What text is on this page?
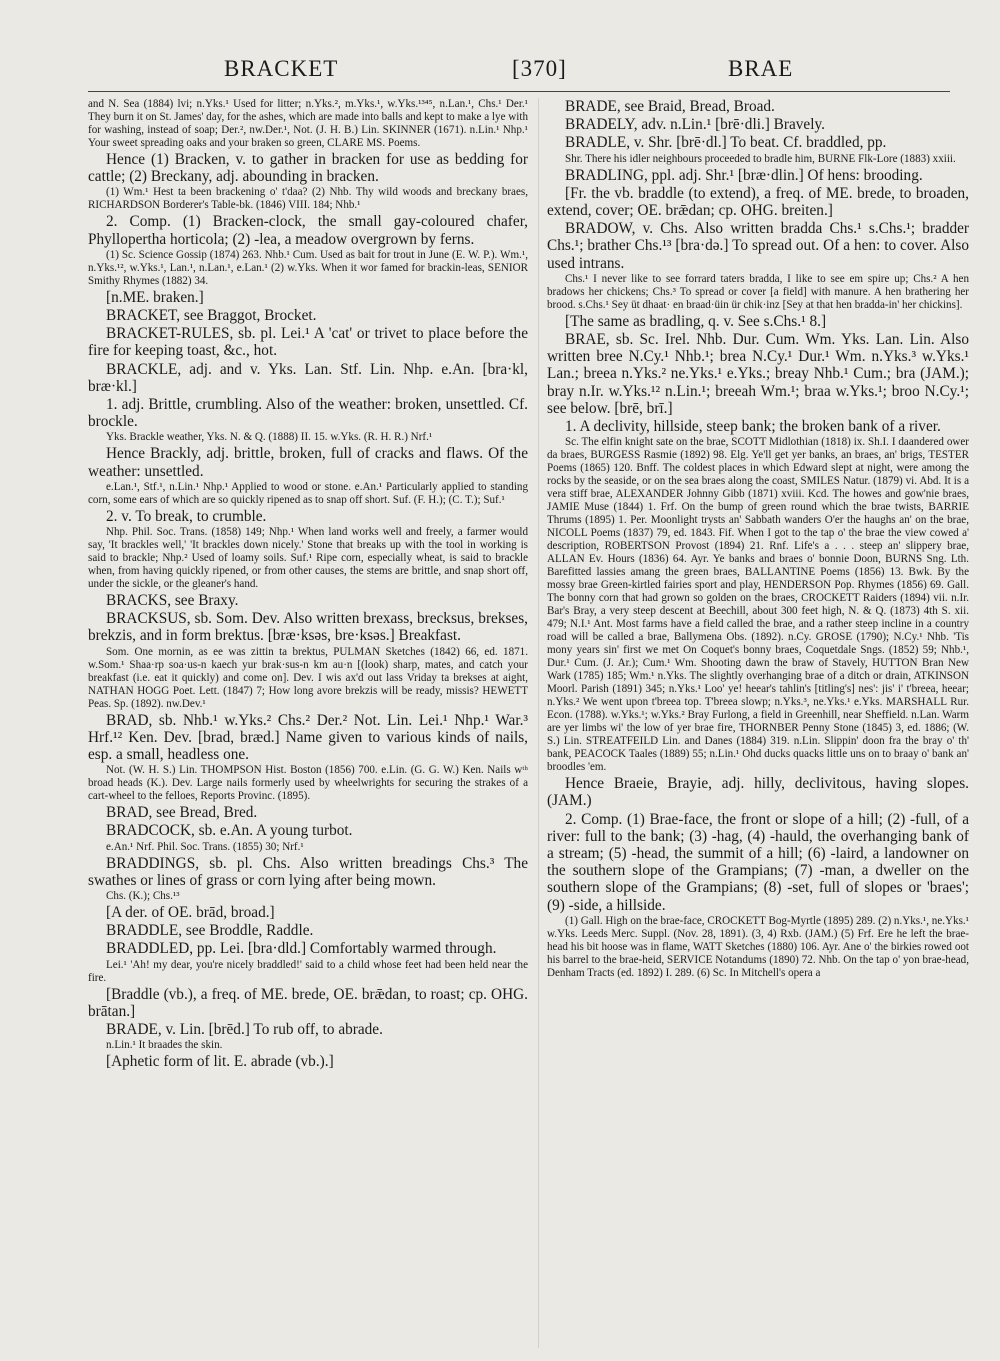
BRACKET	[370]	BRAE

and N. Sea (1884) lvi; n.Yks.¹ Used for litter; n.Yks.², m.Yks.¹, w.Yks.¹³⁴⁵, n.Lan.¹, Chs.¹ Der.¹ They burn it on St. James' day, for the ashes, which are made into balls and kept to make a lye with for washing, instead of soap; Der.², nw.Der.¹, Not. (J. H. B.) Lin. SKINNER (1671). n.Lin.¹ Nhp.¹ Your sweet spreading oaks and your braken so green, CLARE MS. Poems.

Hence (1) Bracken, v. to gather in bracken for use as bedding for cattle; (2) Breckany, adj. abounding in bracken.

(1) Wm.¹ Hest ta been brackening o' t'daa? (2) Nhb. Thy wild woods and breckany braes, RICHARDSON Borderer's Table-bk. (1846) VIII. 184; Nhb.¹

2. Comp. (1) Bracken-clock, the small gay-coloured chafer, Phyllopertha horticola; (2) -lea, a meadow overgrown by ferns.

(1) Sc. Science Gossip (1874) 263. Nhb.¹ Cum. Used as bait for trout in June (E. W. P.). Wm.¹, n.Yks.¹², w.Yks.¹, Lan.¹, n.Lan.¹, e.Lan.¹ (2) w.Yks. When it wor famed for brackin-leas, SENIOR Smithy Rhymes (1882) 34.

[n.ME. braken.]

BRACKET, see Braggot, Brocket.

BRACKET-RULES, sb. pl. Lei.¹ A 'cat' or trivet to place before the fire for keeping toast, &c., hot.

BRACKLE, adj. and v. Yks. Lan. Stf. Lin. Nhp. e.An. [bra·kl, bræ·kl.]

1. adj. Brittle, crumbling. Also of the weather: broken, unsettled. Cf. brockle.

Yks. Brackle weather, Yks. N. & Q. (1888) II. 15. w.Yks. (R. H. R.) Nrf.¹

Hence Brackly, adj. brittle, broken, full of cracks and flaws. Of the weather: unsettled.

e.Lan.¹, Stf.¹, n.Lin.¹ Nhp.¹ Applied to wood or stone. e.An.¹ Particularly applied to standing corn, some ears of which are so quickly ripened as to snap off short. Suf. (F. H.); (C. T.); Suf.¹

2. v. To break, to crumble.

Nhp. Phil. Soc. Trans. (1858) 149; Nhp.¹ When land works well and freely, a farmer would say, 'It brackles well,' 'It brackles down nicely.' Stone that breaks up with the tool in working is said to brackle; Nhp.² Used of loamy soils. Suf.¹ Ripe corn, especially wheat, is said to brackle when, from having quickly ripened, or from other causes, the stems are brittle, and snap short off, under the sickle, or the gleaner's hand.

BRACKS, see Braxy.

BRACKSUS, sb. Som. Dev. Also written brexass, brecksus, brekses, brekzis, and in form brektus. [bræ·ksəs, bre·ksəs.] Breakfast.

Som. One mornin, as ee was zittin ta brektus, PULMAN Sketches (1842) 66, ed. 1871. w.Som.¹ Shaa·rp soa·us-n kaech yur brak·sus-n km au·n [(look) sharp, mates, and catch your breakfast (i.e. eat it quickly) and come on]. Dev. I wis ax'd out lass Vriday ta brekses at aight, NATHAN HOGG Poet. Lett. (1847) 7; How long avore brekzis will be ready, missis? HEWETT Peas. Sp. (1892). nw.Dev.¹

BRAD, sb. Nhb.¹ w.Yks.² Chs.² Der.² Not. Lin. Lei.¹ Nhp.¹ War.³ Hrf.¹² Ken. Dev. [brad, bræd.] Name given to various kinds of nails, esp. a small, headless one.

Not. (W. H. S.) Lin. THOMPSON Hist. Boston (1856) 700. e.Lin. (G. G. W.) Ken. Nails wᵗʰ broad heads (K.). Dev. Large nails formerly used by wheelwrights for securing the strakes of a cart-wheel to the felloes, Reports Provinc. (1895).

BRAD, see Bread, Bred.

BRADCOCK, sb. e.An. A young turbot.

e.An.¹ Nrf. Phil. Soc. Trans. (1855) 30; Nrf.¹

BRADDINGS, sb. pl. Chs. Also written breadings Chs.³ The swathes or lines of grass or corn lying after being mown.

Chs. (K.); Chs.¹³

[A der. of OE. brād, broad.]

BRADDLE, see Broddle, Raddle.

BRADDLED, pp. Lei. [bra·dld.] Comfortably warmed through.

Lei.¹ 'Ah! my dear, you're nicely braddled!' said to a child whose feet had been held near the fire.

[Braddle (vb.), a freq. of ME. brede, OE. brǣdan, to roast; cp. OHG. brātan.]

BRADE, v. Lin. [brēd.] To rub off, to abrade.

n.Lin.¹ It braades the skin.

[Aphetic form of lit. E. abrade (vb.).]

BRADE, see Braid, Bread, Broad.

BRADELY, adv. n.Lin.¹ [brē·dli.] Bravely.

BRADLE, v. Shr. [brē·dl.] To beat. Cf. braddled, pp.

Shr. There his idler neighbours proceeded to bradle him, BURNE Flk-Lore (1883) xxiii.

BRADLING, ppl. adj. Shr.¹ [bræ·dlin.] Of hens: brooding.

[Fr. the vb. braddle (to extend), a freq. of ME. brede, to broaden, extend, cover; OE. brǣdan; cp. OHG. breiten.]

BRADOW, v. Chs. Also written bradda Chs.¹ s.Chs.¹; bradder Chs.¹; brather Chs.¹³ [bra·də.] To spread out. Of a hen: to cover. Also used intrans.

Chs.¹ I never like to see forrard taters bradda, I like to see em spire up; Chs.² A hen bradows her chickens; Chs.³ To spread or cover [a field] with manure. A hen brathering her brood. s.Chs.¹ Sey üt dhaat· en braad·üin ür chik·inz [Sey at that hen bradda-in' her chickins].

[The same as bradling, q. v. See s.Chs.¹ 8.]

BRAE, sb. Sc. Irel. Nhb. Dur. Cum. Wm. Yks. Lan. Lin. Also written bree N.Cy.¹ Nhb.¹; brea N.Cy.¹ Dur.¹ Wm. n.Yks.³ w.Yks.¹ Lan.; breea n.Yks.² ne.Yks.¹ e.Yks.; breay Nhb.¹ Cum.; bra (JAM.); bray n.Ir. w.Yks.¹² n.Lin.¹; breeah Wm.¹; braa w.Yks.¹; broo N.Cy.¹; see below. [brē, brī.]

1. A declivity, hillside, steep bank; the broken bank of a river.

Sc. The elfin knight sate on the brae, SCOTT Midlothian (1818) ix. Sh.I. I daandered ower da braes, BURGESS Rasmie (1892) 98. Elg. Ye'll get yer banks, an braes, an' brigs, TESTER Poems (1865) 120. Bnff. The coldest places in which Edward slept at night, were among the rocks by the seaside, or on the sea braes along the coast, SMILES Natur. (1879) vi. Abd. It is a vera stiff brae, ALEXANDER Johnny Gibb (1871) xviii. Kcd. The howes and gow'nie braes, JAMIE Muse (1844) 1. Frf. On the bump of green round which the brae twists, BARRIE Thrums (1895) 1. Per. Moonlight trysts an' Sabbath wanders O'er the haughs an' on the brae, NICOLL Poems (1837) 79, ed. 1843. Fif. When I got to the tap o' the brae the view cowed a' description, ROBERTSON Provost (1894) 21. Rnf. Life's a . . . steep an' slippery brae, ALLAN Ev. Hours (1836) 64. Ayr. Ye banks and braes o' bonnie Doon, BURNS Sng. Lth. Barefitted lassies amang the green braes, BALLANTINE Poems (1856) 13. Bwk. By the mossy brae Green-kirtled fairies sport and play, HENDERSON Pop. Rhymes (1856) 69. Gall. The bonny corn that had grown so golden on the braes, CROCKETT Raiders (1894) vii. n.Ir. Bar's Bray, a very steep descent at Beechill, about 300 feet high, N. & Q. (1873) 4th S. xii. 479; N.I.¹ Ant. Most farms have a field called the brae, and a rather steep incline in a country road will be called a brae, Ballymena Obs. (1892). n.Cy. GROSE (1790); N.Cy.¹ Nhb. 'Tis mony years sin' first we met On Coquet's bonny braes, Coquetdale Sngs. (1852) 59; Nhb.¹, Dur.¹ Cum. (J. Ar.); Cum.¹ Wm. Shooting dawn the braw of Stavely, HUTTON Bran New Wark (1785) 185; Wm.¹ n.Yks. The slightly overhanging brae of a ditch or drain, ATKINSON Moorl. Parish (1891) 345; n.Yks.¹ Loo' ye! heear's tahlin's [titling's] nes': jis' i' t'breea, heear; n.Yks.² We went upon t'breea top. T'breea slowp; n.Yks.³, ne.Yks.¹ e.Yks. MARSHALL Rur. Econ. (1788). w.Yks.¹; w.Yks.² Bray Furlong, a field in Greenhill, near Sheffield. n.Lan. Warm are yer limbs wi' the low of yer brae fire, THORNBER Penny Stone (1845) 3, ed. 1886; (W. S.) Lin. STREATFEILD Lin. and Danes (1884) 319. n.Lin. Slippin' doon fra the bray o' th' bank, PEACOCK Taales (1889) 55; n.Lin.¹ Ohd ducks quacks little uns on to braay o' bank an' broodles 'em.

Hence Braeie, Brayie, adj. hilly, declivitous, having slopes. (JAM.)

2. Comp. (1) Brae-face, the front or slope of a hill; (2) -full, of a river: full to the bank; (3) -hag, (4) -hauld, the overhanging bank of a stream; (5) -head, the summit of a hill; (6) -laird, a landowner on the southern slope of the Grampians; (7) -man, a dweller on the southern slope of the Grampians; (8) -set, full of slopes or 'braes'; (9) -side, a hillside.

(1) Gall. High on the brae-face, CROCKETT Bog-Myrtle (1895) 289. (2) n.Yks.¹, ne.Yks.¹ w.Yks. Leeds Merc. Suppl. (Nov. 28, 1891). (3, 4) Rxb. (JAM.) (5) Frf. Ere he left the brae-head his bit hoose was in flame, WATT Sketches (1880) 106. Ayr. Ane o' the birkies rowed oot his barrel to the brae-heid, SERVICE Notandums (1890) 72. Nhb. On the tap o' yon brae-head, Denham Tracts (ed. 1892) I. 289. (6) Sc. In Mitchell's opera a
